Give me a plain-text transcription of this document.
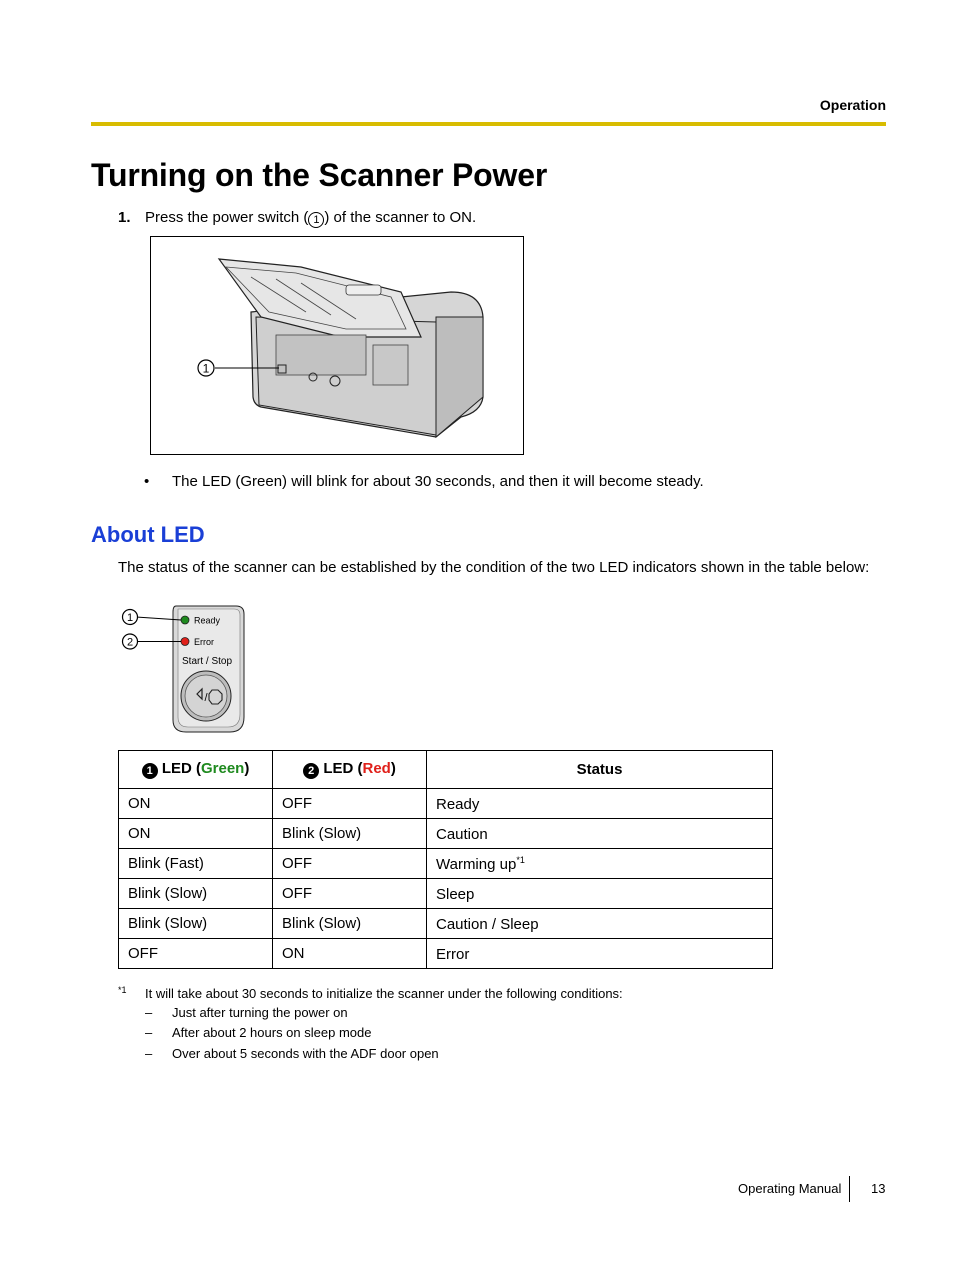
Operation
Turning on the Scanner Power
1. Press the power switch ( 1 ) of the scanner to ON.
1
• The LED (Green) will blink for about 30 seconds, and then it will become steady.
About LED
The status of the scanner can be established by the condition of the two LED indicators shown in the table below:
Ready
Error
Start / Stop
/
1
2
1 LED (Green)	2 LED (Red)	Status
ON	OFF	Ready
ON	Blink (Slow)	Caution
Blink (Fast)	OFF	Warming $up^{*1}$
Blink (Slow)	OFF	Sleep
Blink (Slow)	Blink (Slow)	Caution / Sleep
OFF	ON	Error
*1 It will take about 30 seconds to initialize the scanner under the following conditions:
– Just after turning the power on
– After about 2 hours on sleep mode
– Over about 5 seconds with the ADF door open
Operating Manual 13
